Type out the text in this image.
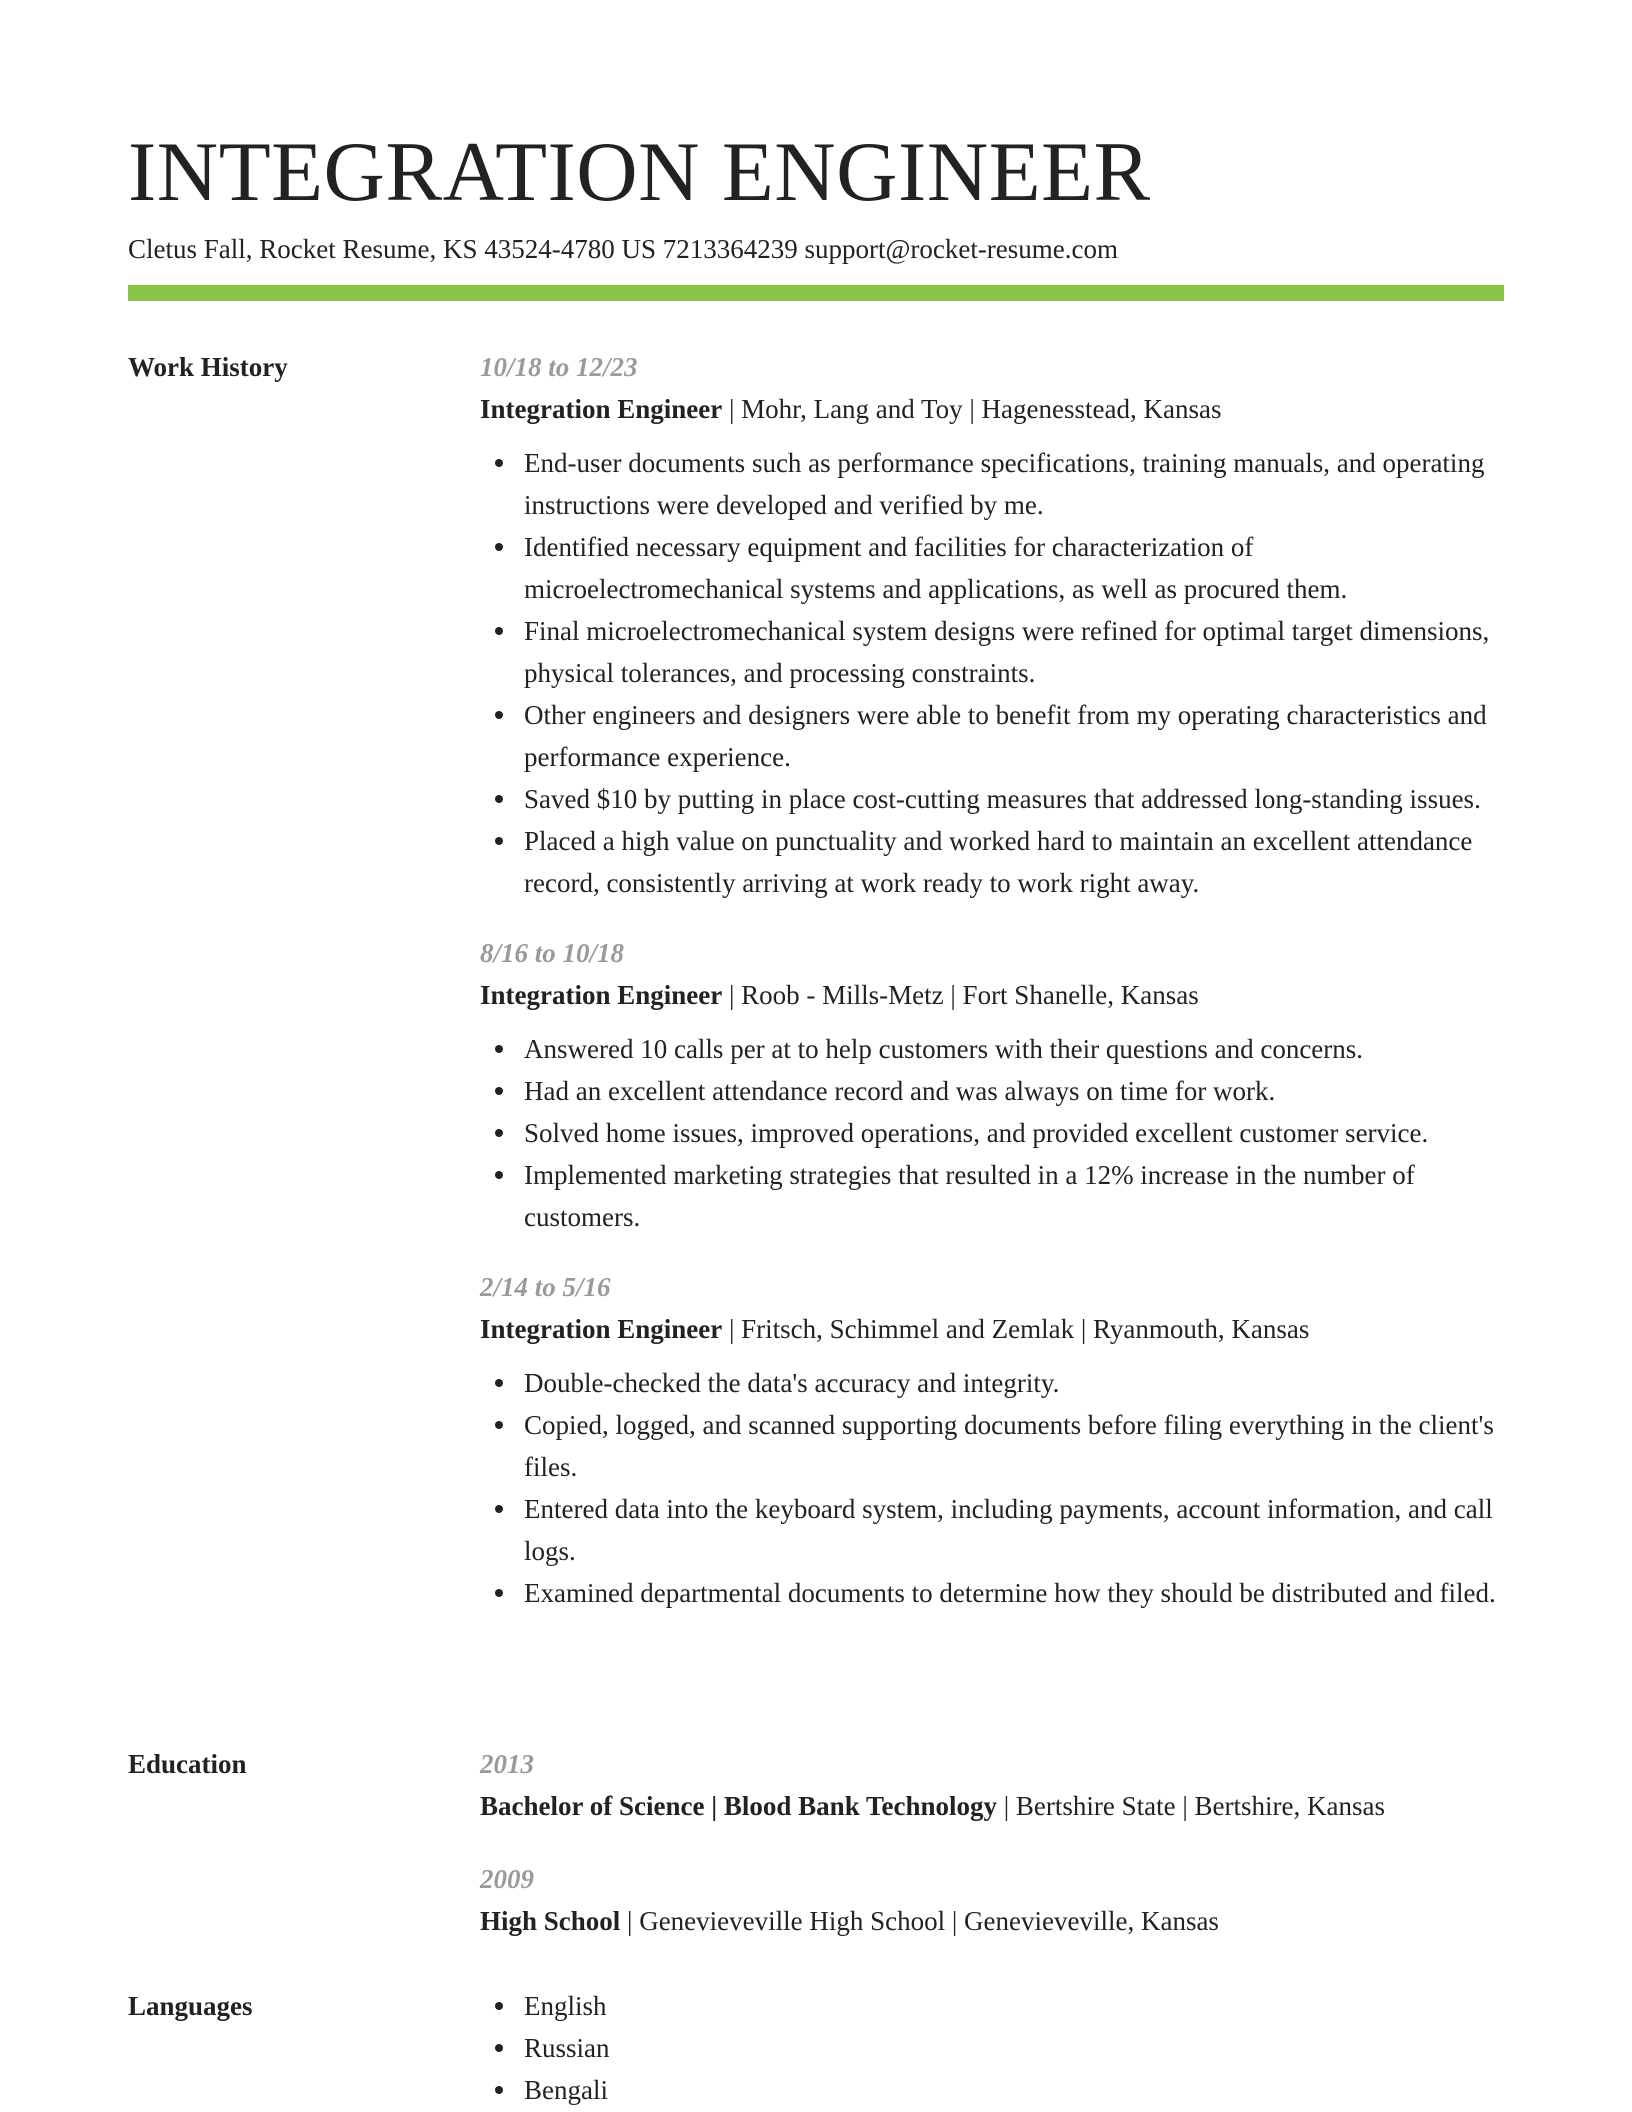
INTEGRATION ENGINEER
Cletus Fall, Rocket Resume, KS 43524-4780 US 7213364239 support@rocket-resume.com
Work History	10/18 to 12/23
Integration Engineer | Mohr, Lang and Toy | Hagenesstead, Kansas
End-user documents such as performance specifications, training manuals, and operating instructions were developed and verified by me.
Identified necessary equipment and facilities for characterization of microelectromechanical systems and applications, as well as procured them.
Final microelectromechanical system designs were refined for optimal target dimensions, physical tolerances, and processing constraints.
Other engineers and designers were able to benefit from my operating characteristics and performance experience.
Saved $10 by putting in place cost-cutting measures that addressed long-standing issues.
Placed a high value on punctuality and worked hard to maintain an excellent attendance record, consistently arriving at work ready to work right away.
8/16 to 10/18
Integration Engineer | Roob - Mills-Metz | Fort Shanelle, Kansas
Answered 10 calls per at to help customers with their questions and concerns.
Had an excellent attendance record and was always on time for work.
Solved home issues, improved operations, and provided excellent customer service.
Implemented marketing strategies that resulted in a 12% increase in the number of customers.
2/14 to 5/16
Integration Engineer | Fritsch, Schimmel and Zemlak | Ryanmouth, Kansas
Double-checked the data's accuracy and integrity.
Copied, logged, and scanned supporting documents before filing everything in the client's files.
Entered data into the keyboard system, including payments, account information, and call logs.
Examined departmental documents to determine how they should be distributed and filed.
Education	2013
Bachelor of Science | Blood Bank Technology | Bertshire State | Bertshire, Kansas
2009
High School | Genevieveville High School | Genevieveville, Kansas
Languages	English
Russian
Bengali
